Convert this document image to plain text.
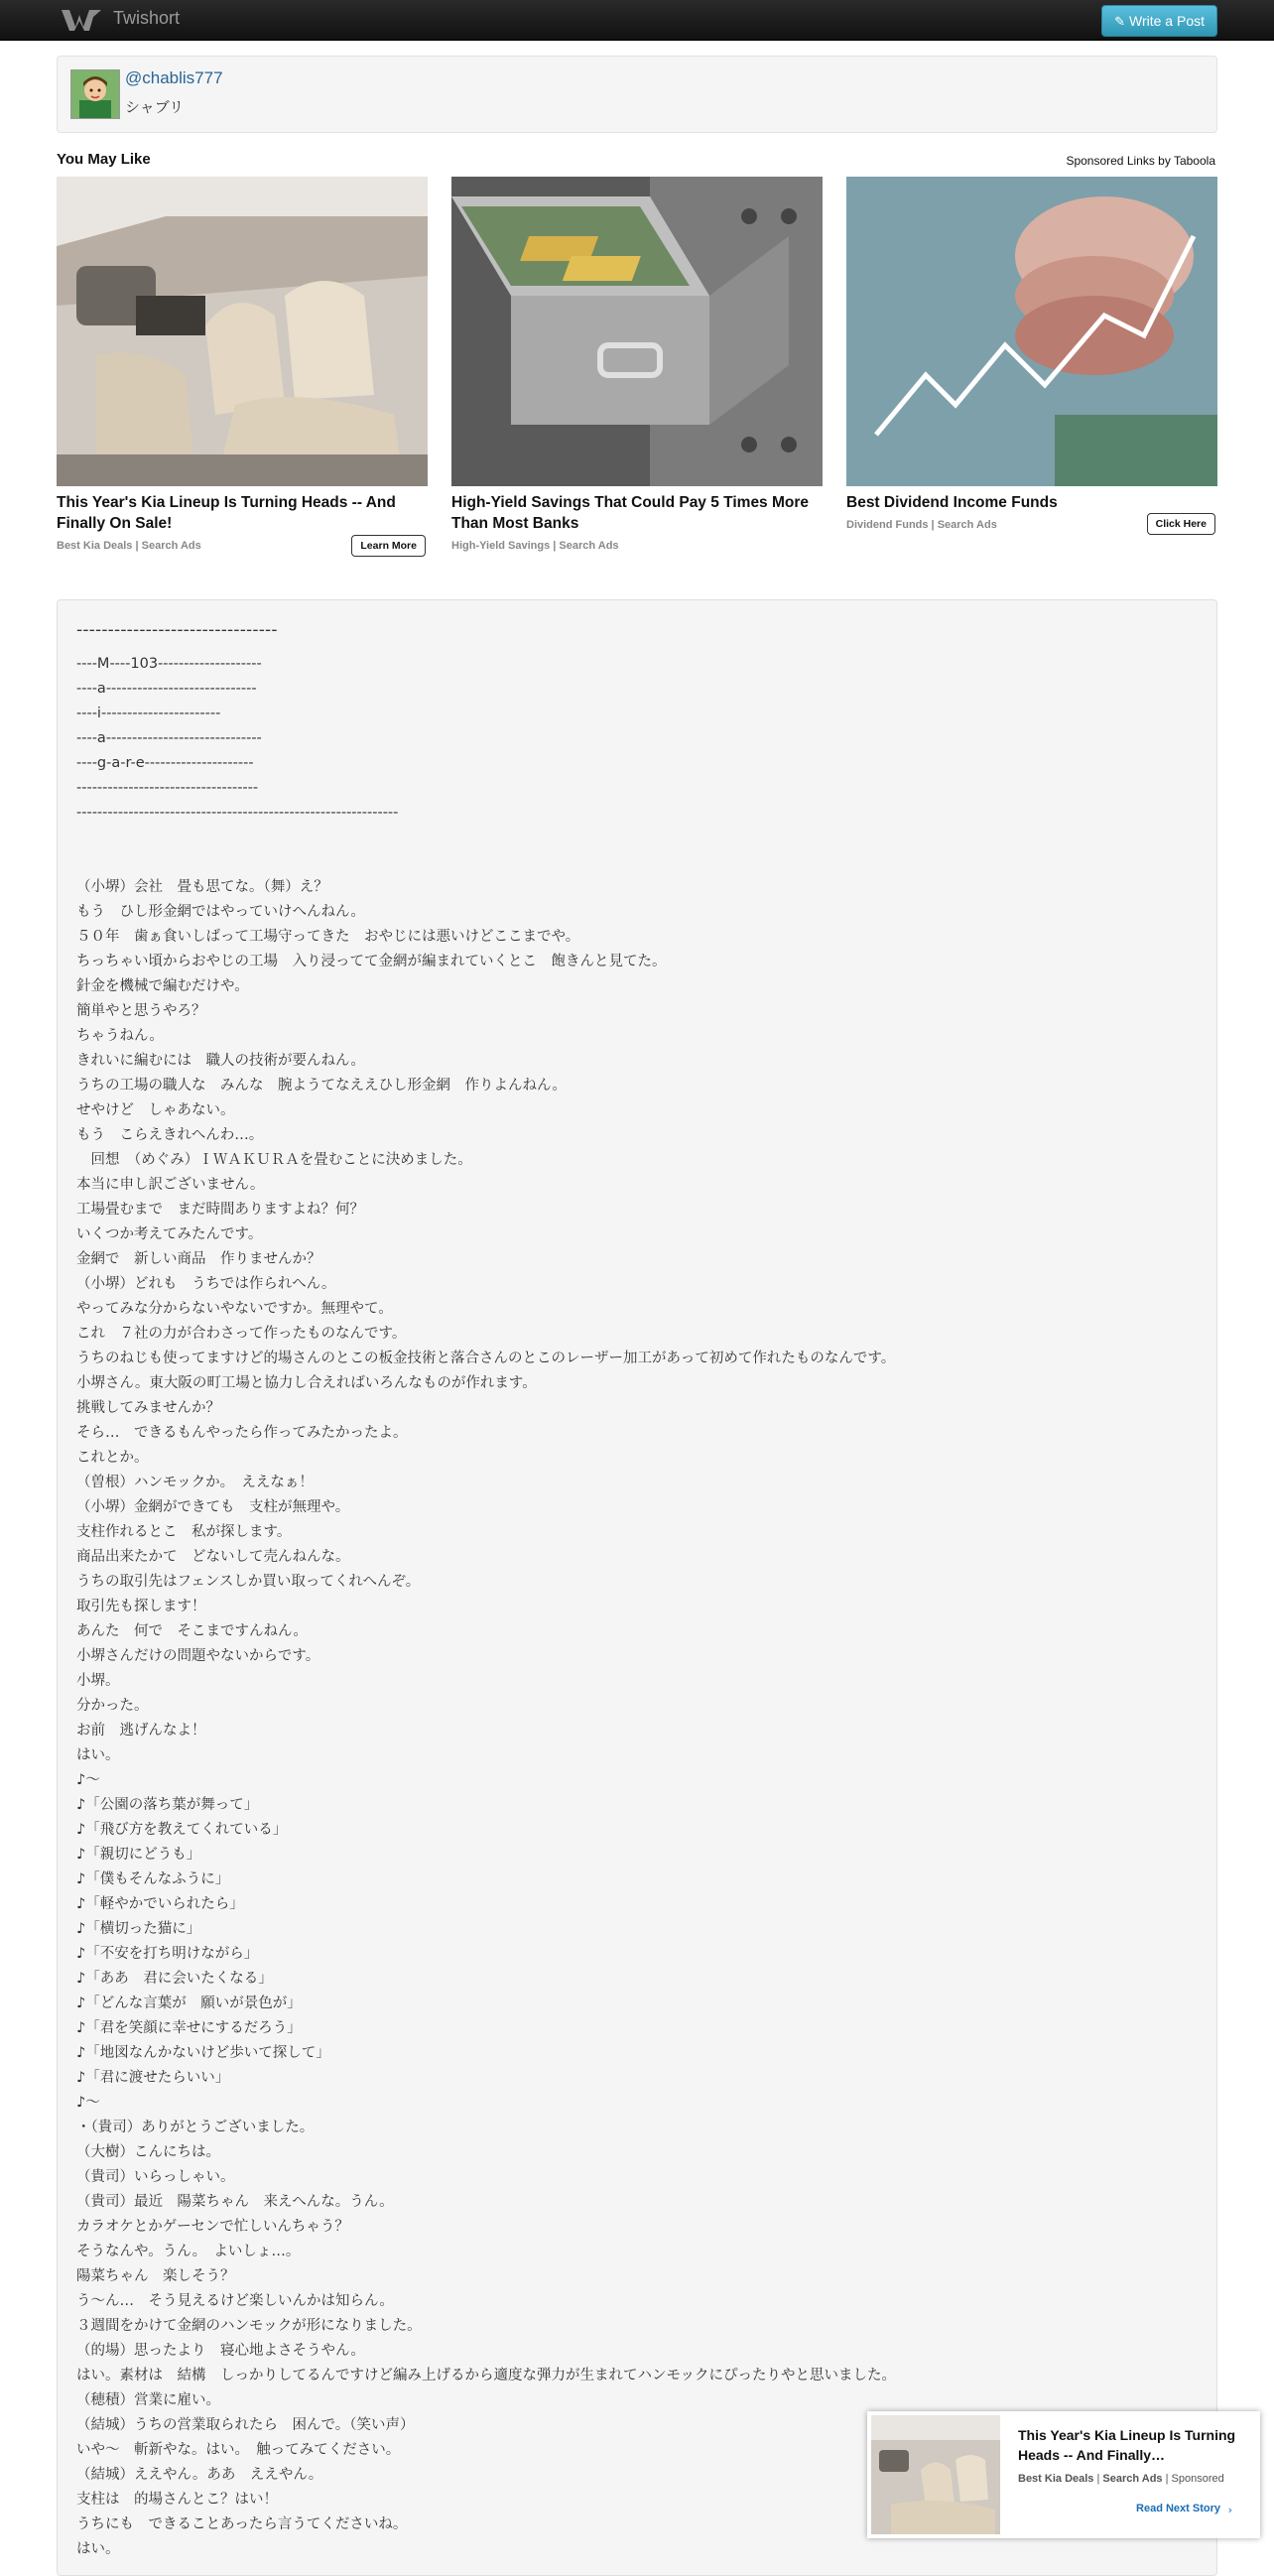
Twishort	✎ Write a Post
@chablis777
シャブリ
You May Like	Sponsored Links by Taboola
This Year's Kia Lineup Is Turning Heads -- And Finally On Sale!
Best Kia Deals | Search Ads	Learn More
High-Yield Savings That Could Pay 5 Times More Than Most Banks
High-Yield Savings | Search Ads
Best Dividend Income Funds
Dividend Funds | Search Ads	Click Here
--------------------------------
----M----103--------------------
----a-----------------------------
----i-----------------------
----a------------------------------
----g-a-r-e---------------------
-----------------------------------
--------------------------------------------------------------

（小堺）会社　畳も思てな。（舞）え？
もう　ひし形金網ではやっていけへんねん。
５０年　歯ぁ食いしばって工場守ってきた　おやじには悪いけどここまでや。
ちっちゃい頃からおやじの工場　入り浸ってて金網が編まれていくとこ　飽きんと見てた。
針金を機械で編むだけや。
簡単やと思うやろ？
ちゃうねん。
きれいに編むには　職人の技術が要んねん。
うちの工場の職人な　みんな　腕ようてなええひし形金網　作りよんねん。
せやけど　しゃあない。
もう　こらえきれへんわ…。
　回想　（めぐみ）ＩＷＡＫＵＲＡを畳むことに決めました。
本当に申し訳ございません。
工場畳むまで　まだ時間ありますよね？何？
いくつか考えてみたんです。
金網で　新しい商品　作りませんか？
（小堺）どれも　うちでは作られへん。
やってみな分からないやないですか。無理やて。
これ　７社の力が合わさって作ったものなんです。
うちのねじも使ってますけど的場さんのとこの板金技術と落合さんのとこのレーザー加工があって初めて作れたものなんです。
小堺さん。東大阪の町工場と協力し合えればいろんなものが作れます。
挑戦してみませんか？
そら…　できるもんやったら作ってみたかったよ。
これとか。
（曽根）ハンモックか。　ええなぁ！
（小堺）金網ができても　支柱が無理や。
支柱作れるとこ　私が探します。
商品出来たかて　どないして売んねんな。
うちの取引先はフェンスしか買い取ってくれへんぞ。
取引先も探します！
あんた　何で　そこまですんねん。
小堺さんだけの問題やないからです。
小堺。
分かった。
お前　逃げんなよ！
はい。
♪～
♪「公園の落ち葉が舞って」
♪「飛び方を教えてくれている」
♪「親切にどうも」
♪「僕もそんなふうに」
♪「軽やかでいられたら」
♪「横切った猫に」
♪「不安を打ち明けながら」
♪「ああ　君に会いたくなる」
♪「どんな言葉が　願いが景色が」
♪「君を笑顔に幸せにするだろう」
♪「地図なんかないけど歩いて探して」
♪「君に渡せたらいい」
♪～
・（貴司）ありがとうございました。
（大樹）こんにちは。
（貴司）いらっしゃい。
（貴司）最近　陽菜ちゃん　来えへんな。うん。
カラオケとかゲーセンで忙しいんちゃう？
そうなんや。うん。　よいしょ…。
陽菜ちゃん　楽しそう？
う～ん…　そう見えるけど楽しいんかは知らん。
３週間をかけて金網のハンモックが形になりました。
（的場）思ったより　寝心地よさそうやん。
はい。素材は　結構　しっかりしてるんですけど編み上げるから適度な弾力が生まれてハンモックにぴったりやと思いました。
（穂積）営業に雇い。
（結城）うちの営業取られたら　困んで。（笑い声）
いや～　斬新やな。はい。　触ってみてください。
（結城）ええやん。ああ　ええやん。
支柱は　的場さんとこ？はい！
うちにも　できることあったら言うてくださいね。
はい。
This Year's Kia Lineup Is Turning Heads -- And Finally…
Best Kia Deals | Search Ads | Sponsored
Read Next Story ›
